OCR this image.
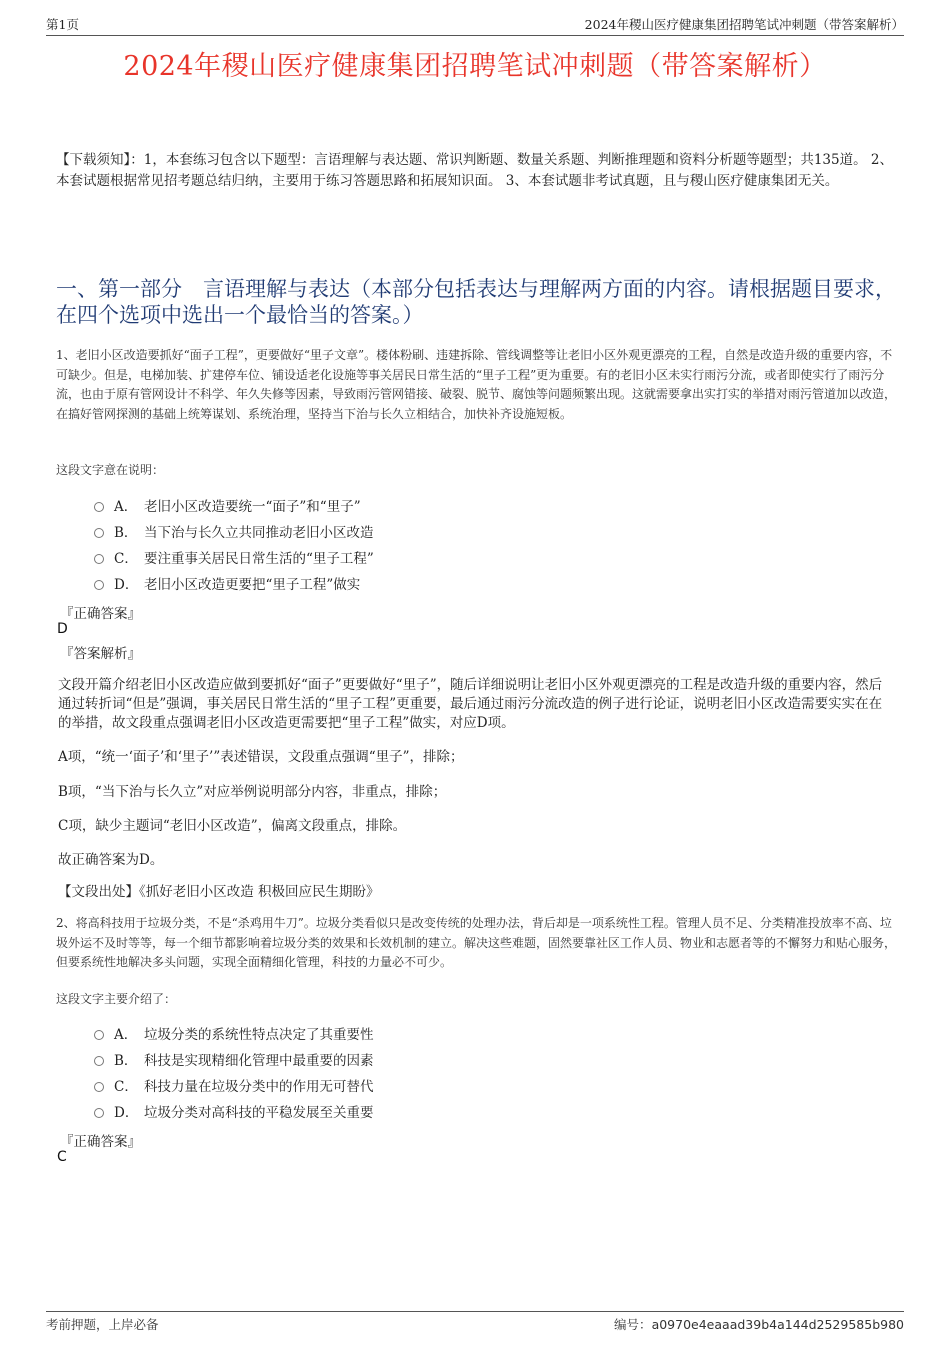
第1页	2024年稷山医疗健康集团招聘笔试冲刺题（带答案解析）
2024年稷山医疗健康集团招聘笔试冲刺题（带答案解析）
【下载须知】：1，本套练习包含以下题型：言语理解与表达题、常识判断题、数量关系题、判断推理题和资料分析题等题型；共135道。 2、本套试题根据常见招考题总结归纳，主要用于练习答题思路和拓展知识面。 3、本套试题非考试真题，且与稷山医疗健康集团无关。
一、第一部分　言语理解与表达（本部分包括表达与理解两方面的内容。请根据题目要求，在四个选项中选出一个最恰当的答案。）
1、老旧小区改造要抓好“面子工程”，更要做好“里子文章”。楼体粉刷、违建拆除、管线调整等让老旧小区外观更漂亮的工程，自然是改造升级的重要内容，不可缺少。但是，电梯加装、扩建停车位、铺设适老化设施等事关居民日常生活的“里子工程”更为重要。有的老旧小区未实行雨污分流，或者即使实行了雨污分流，也由于原有管网设计不科学、年久失修等因素，导致雨污管网错接、破裂、脱节、腐蚀等问题频繁出现。这就需要拿出实打实的举措对雨污管道加以改造，在搞好管网探测的基础上统筹谋划、系统治理，坚持当下治与长久立相结合，加快补齐设施短板。
这段文字意在说明：
A． 老旧小区改造要统一“面子”和“里子”
B． 当下治与长久立共同推动老旧小区改造
C． 要注重事关居民日常生活的“里子工程”
D． 老旧小区改造更要把“里子工程”做实
『正确答案』
D
『答案解析』
文段开篇介绍老旧小区改造应做到要抓好“面子”更要做好“里子”，随后详细说明让老旧小区外观更漂亮的工程是改造升级的重要内容，然后通过转折词“但是”强调，事关居民日常生活的“里子工程”更重要，最后通过雨污分流改造的例子进行论证，说明老旧小区改造需要实实在在的举措，故文段重点强调老旧小区改造更需要把“里子工程”做实，对应D项。
A项，“统一‘面子’和‘里子’”表述错误，文段重点强调“里子”，排除；
B项，“当下治与长久立”对应举例说明部分内容，非重点，排除；
C项，缺少主题词“老旧小区改造”，偏离文段重点，排除。
故正确答案为D。
【文段出处】《抓好老旧小区改造 积极回应民生期盼》
2、将高科技用于垃圾分类，不是“杀鸡用牛刀”。垃圾分类看似只是改变传统的处理办法，背后却是一项系统性工程。管理人员不足、分类精准投放率不高、垃圾外运不及时等等，每一个细节都影响着垃圾分类的效果和长效机制的建立。解决这些难题，固然要靠社区工作人员、物业和志愿者等的不懈努力和贴心服务，但要系统性地解决多头问题，实现全面精细化管理，科技的力量必不可少。
这段文字主要介绍了：
A． 垃圾分类的系统性特点决定了其重要性
B． 科技是实现精细化管理中最重要的因素
C． 科技力量在垃圾分类中的作用无可替代
D． 垃圾分类对高科技的平稳发展至关重要
『正确答案』
C
考前押题，上岸必备	编号：a0970e4eaaad39b4a144d2529585b980
